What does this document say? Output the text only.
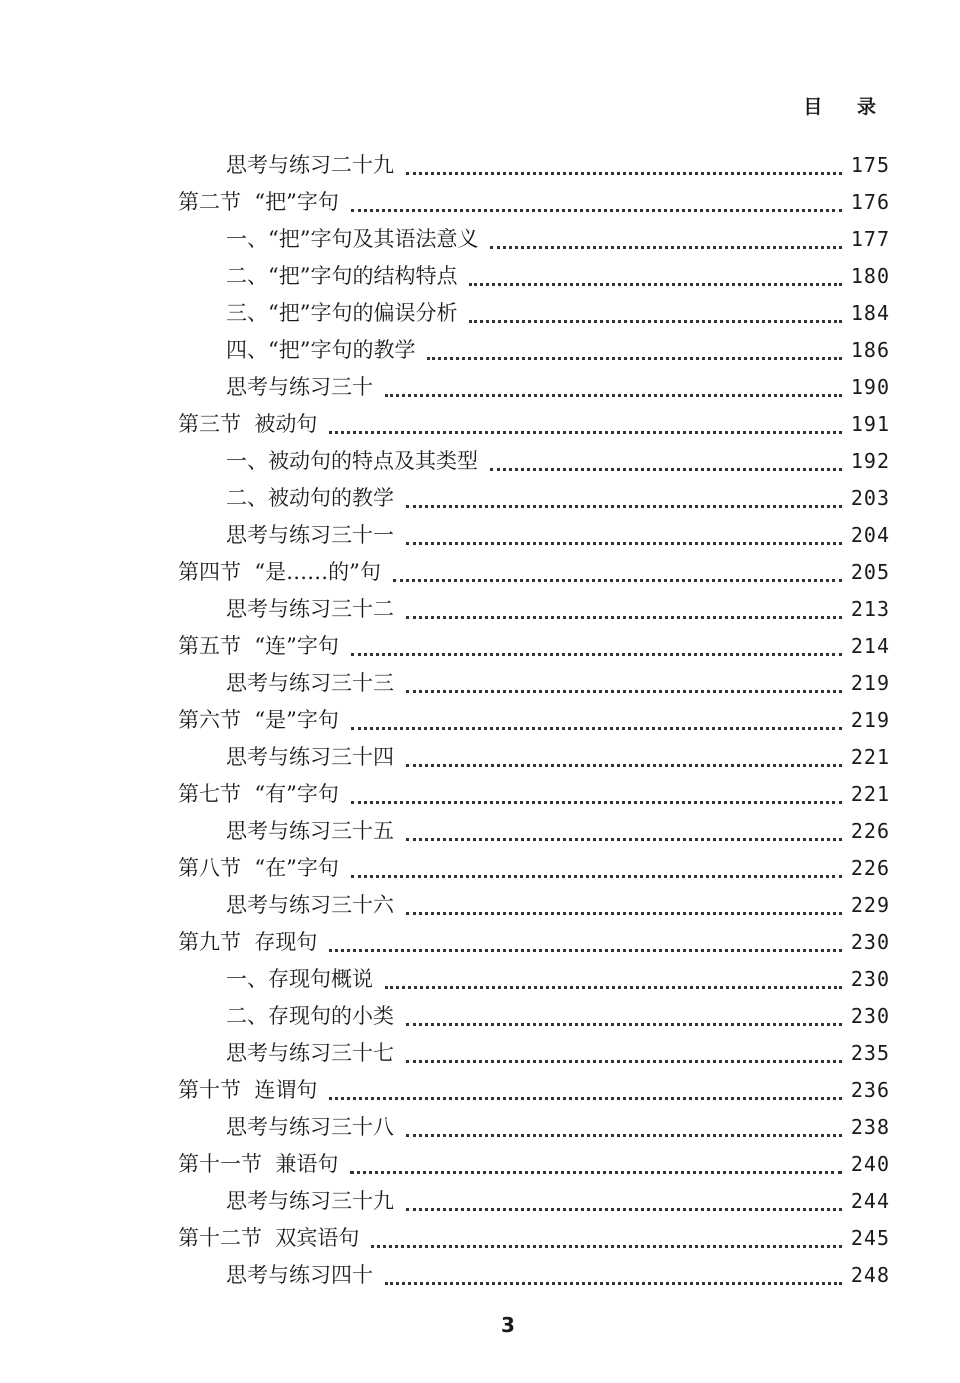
目 录
思考与练习二十九	175
第二节  “把”字句	176
一、“把”字句及其语法意义	177
二、“把”字句的结构特点	180
三、“把”字句的偏误分析	184
四、“把”字句的教学	186
思考与练习三十	190
第三节  被动句	191
一、被动句的特点及其类型	192
二、被动句的教学	203
思考与练习三十一	204
第四节  “是……的”句	205
思考与练习三十二	213
第五节  “连”字句	214
思考与练习三十三	219
第六节  “是”字句	219
思考与练习三十四	221
第七节  “有”字句	221
思考与练习三十五	226
第八节  “在”字句	226
思考与练习三十六	229
第九节  存现句	230
一、存现句概说	230
二、存现句的小类	230
思考与练习三十七	235
第十节  连谓句	236
思考与练习三十八	238
第十一节  兼语句	240
思考与练习三十九	244
第十二节  双宾语句	245
思考与练习四十	248
3
